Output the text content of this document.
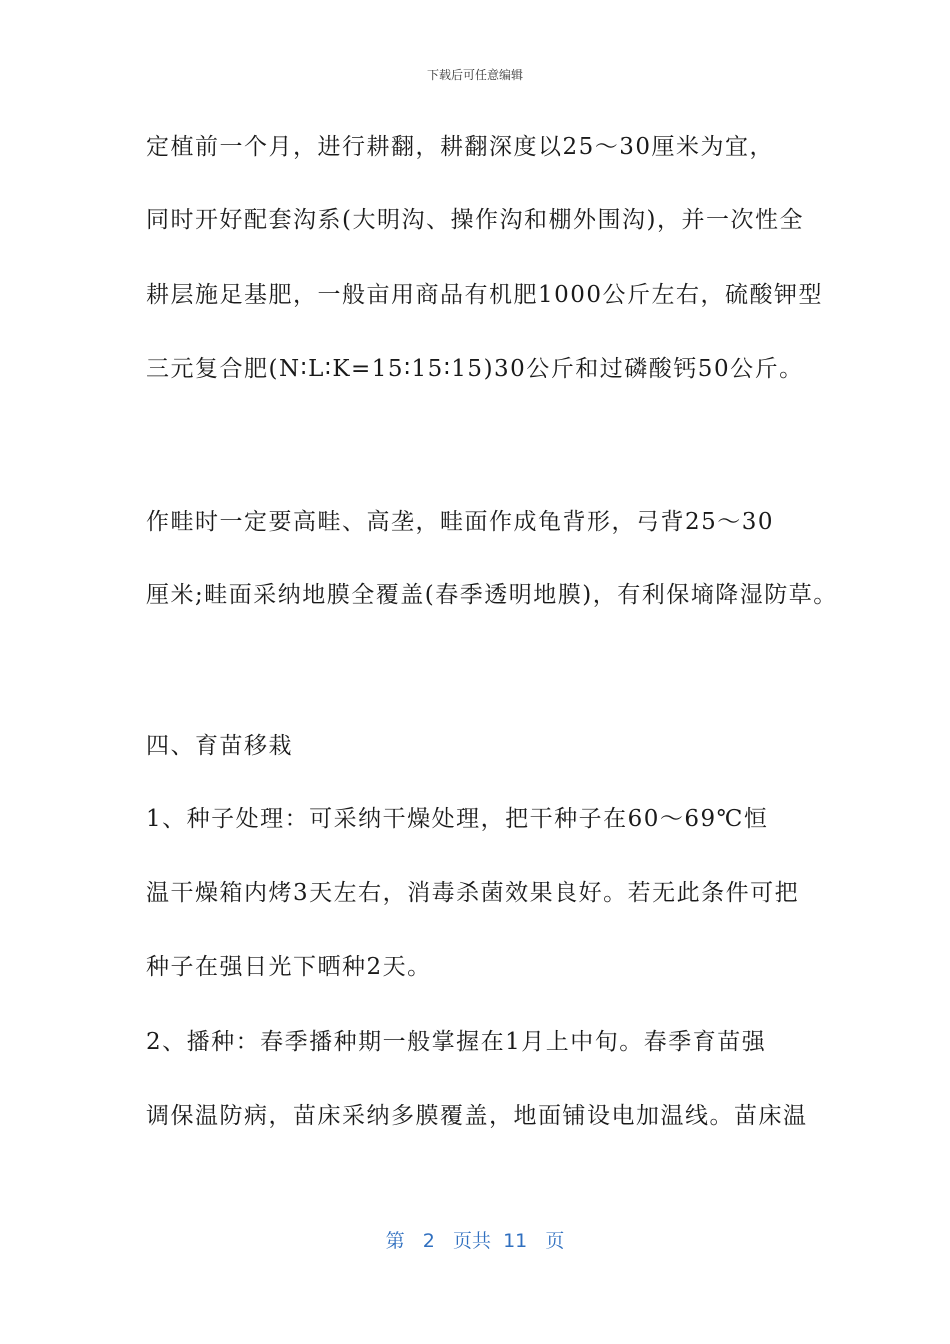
下载后可任意编辑
定植前一个月，进行耕翻，耕翻深度以25～30厘米为宜，
同时开好配套沟系(大明沟、操作沟和棚外围沟)，并一次性全
耕层施足基肥，一般亩用商品有机肥1000公斤左右，硫酸钾型
三元复合肥(N∶L∶K=15∶15∶15)30公斤和过磷酸钙50公斤。
作畦时一定要高畦、高垄，畦面作成龟背形，弓背25～30
厘米;畦面采纳地膜全覆盖(春季透明地膜)，有利保墒降湿防草。
四、育苗移栽
1、种子处理：可采纳干燥处理，把干种子在60～69℃恒
温干燥箱内烤3天左右，消毒杀菌效果良好。若无此条件可把
种子在强日光下晒种2天。
2、播种：春季播种期一般掌握在1月上中旬。春季育苗强
调保温防病，苗床采纳多膜覆盖，地面铺设电加温线。苗床温
第 2 页共 11 页
